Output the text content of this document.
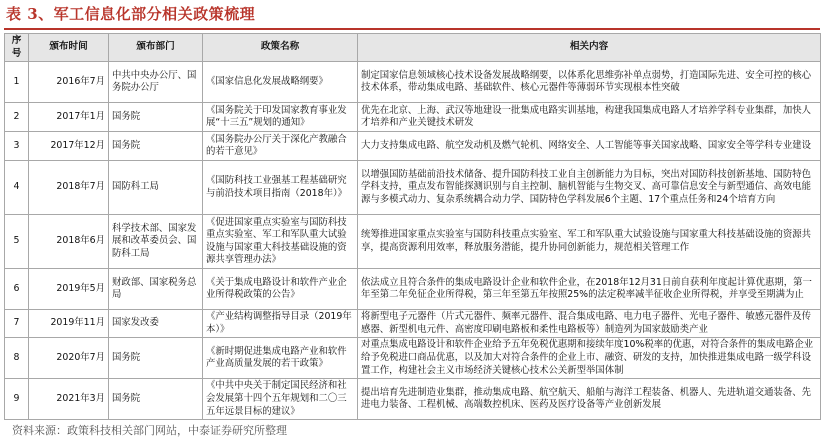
表 3、军工信息化部分相关政策梳理
序号	颁布时间	颁布部门	政策名称	相关内容
1	2016年7月	中共中央办公厅、国务院办公厅	《国家信息化发展战略纲要》	制定国家信息领域核心技术设备发展战略纲要，以体系化思维弥补单点弱势，打造国际先进、安全可控的核心技术体系，带动集成电路、基础软件、核心元器件等薄弱环节实现根本性突破
2	2017年1月	国务院	《国务院关于印发国家教育事业发展“十三五”规划的通知》	优先在北京、上海、武汉等地建设一批集成电路实训基地，构建我国集成电路人才培养学科专业集群，加快人才培养和产业关键技术研发
3	2017年12月	国务院	《国务院办公厅关于深化产教融合的若干意见》	大力支持集成电路、航空发动机及燃气轮机、网络安全、人工智能等事关国家战略、国家安全等学科专业建设
4	2018年7月	国防科工局	《国防科技工业强基工程基础研究与前沿技术项目指南（2018年）》	以增强国防基础前沿技术储备、提升国防科技工业自主创新能力为目标，突出对国防科技创新基地、国防特色学科支持，重点发布智能探测识别与自主控制、脑机智能与生物交叉、高可靠信息安全与新型通信、高效电能源与多模式动力、复杂系统耦合动力学、国防特色学科发展6个主题、17个重点任务和24个培育方向
5	2018年6月	科学技术部、国家发展和改革委员会、国防科工局	《促进国家重点实验室与国防科技重点实验室、军工和军队重大试验设施与国家重大科技基础设施的资源共享管理办法》	统筹推进国家重点实验室与国防科技重点实验室、军工和军队重大试验设施与国家重大科技基础设施的资源共享，提高资源利用效率，释放服务潜能，提升协同创新能力，规范相关管理工作
6	2019年5月	财政部、国家税务总局	《关于集成电路设计和软件产业企业所得税政策的公告》	依法成立且符合条件的集成电路设计企业和软件企业，在2018年12月31日前自获利年度起计算优惠期，第一年至第二年免征企业所得税，第三年至第五年按照25%的法定税率减半征收企业所得税，并享受至期满为止
7	2019年11月	国家发改委	《产业结构调整指导目录（2019年本）》	将新型电子元器件（片式元器件、频率元器件、混合集成电路、电力电子器件、光电子器件、敏感元器件及传感器、新型机电元件、高密度印刷电路板和柔性电路板等）制造列为国家鼓励类产业
8	2020年7月	国务院	《新时期促进集成电路产业和软件产业高质量发展的若干政策》	对重点集成电路设计和软件企业给予五年免税优惠期和接续年度10%税率的优惠，对符合条件的集成电路企业给予免税进口商品优惠，以及加大对符合条件的企业上市、融资、研发的支持，加快推进集成电路一级学科设置工作，构建社会主义市场经济关键核心技术公关新型举国体制
9	2021年3月	国务院	《中共中央关于制定国民经济和社会发展第十四个五年规划和二〇三五年远景目标的建议》	提出培育先进制造业集群，推动集成电路、航空航天、船舶与海洋工程装备、机器人、先进轨道交通装备、先进电力装备、工程机械、高端数控机床、医药及医疗设备等产业创新发展
资料来源：政策科技相关部门网站，中泰证券研究所整理
